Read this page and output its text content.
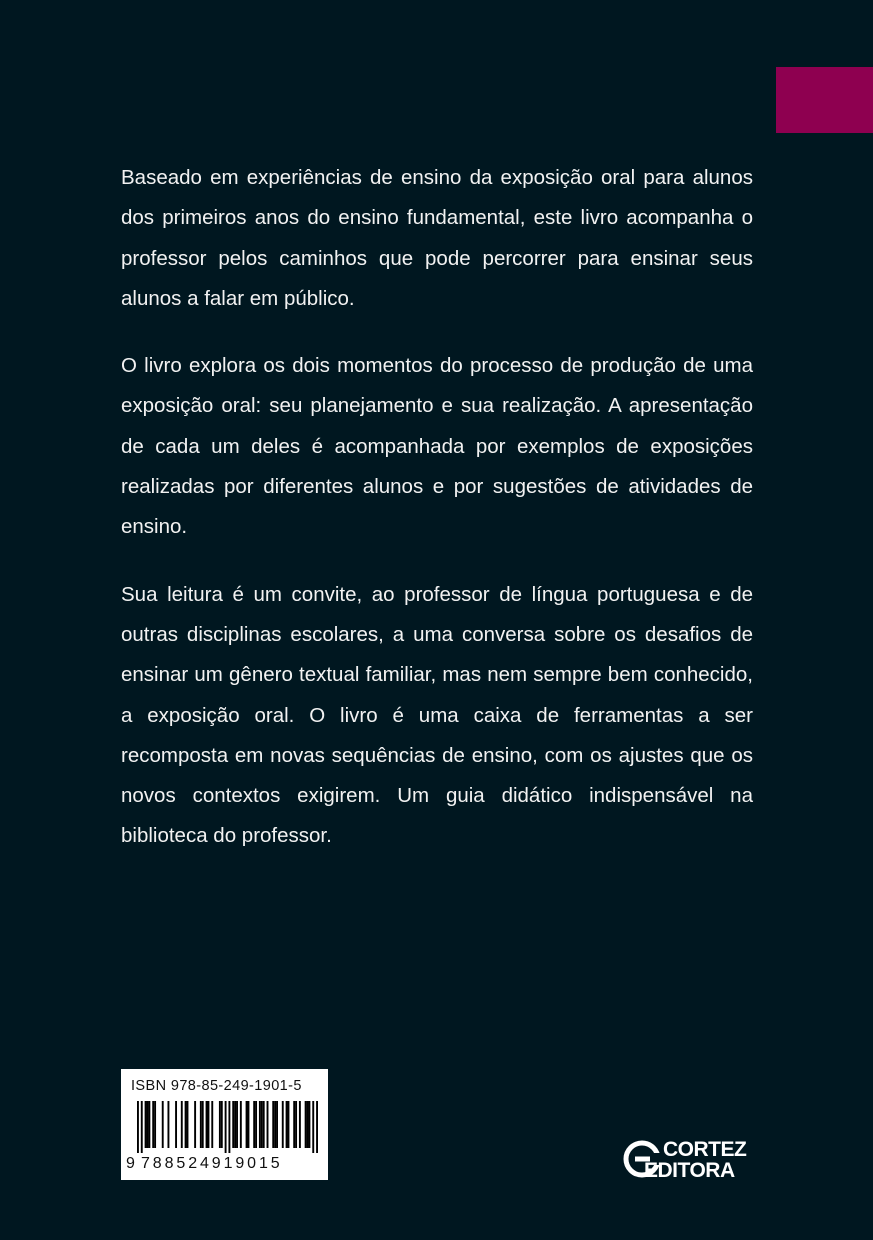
Baseado em experiências de ensino da exposição oral para alunos dos primeiros anos do ensino fundamental, este livro acompanha o professor pelos caminhos que pode percorrer para ensinar seus alunos a falar em público.

O livro explora os dois momentos do processo de produção de uma exposição oral: seu planejamento e sua realização. A apresentação de cada um deles é acompanhada por exemplos de exposições realizadas por diferentes alunos e por sugestões de atividades de ensino.

Sua leitura é um convite, ao professor de língua portuguesa e de outras disciplinas escolares, a uma conversa sobre os desafios de ensinar um gênero textual familiar, mas nem sempre bem conhecido, a exposição oral. O livro é uma caixa de ferramentas a ser recomposta em novas sequências de ensino, com os ajustes que os novos contextos exigirem. Um guia didático indispensável na biblioteca do professor.

ISBN 978-85-249-1901-5
9 788524919015
CORTEZ
EDITORA
